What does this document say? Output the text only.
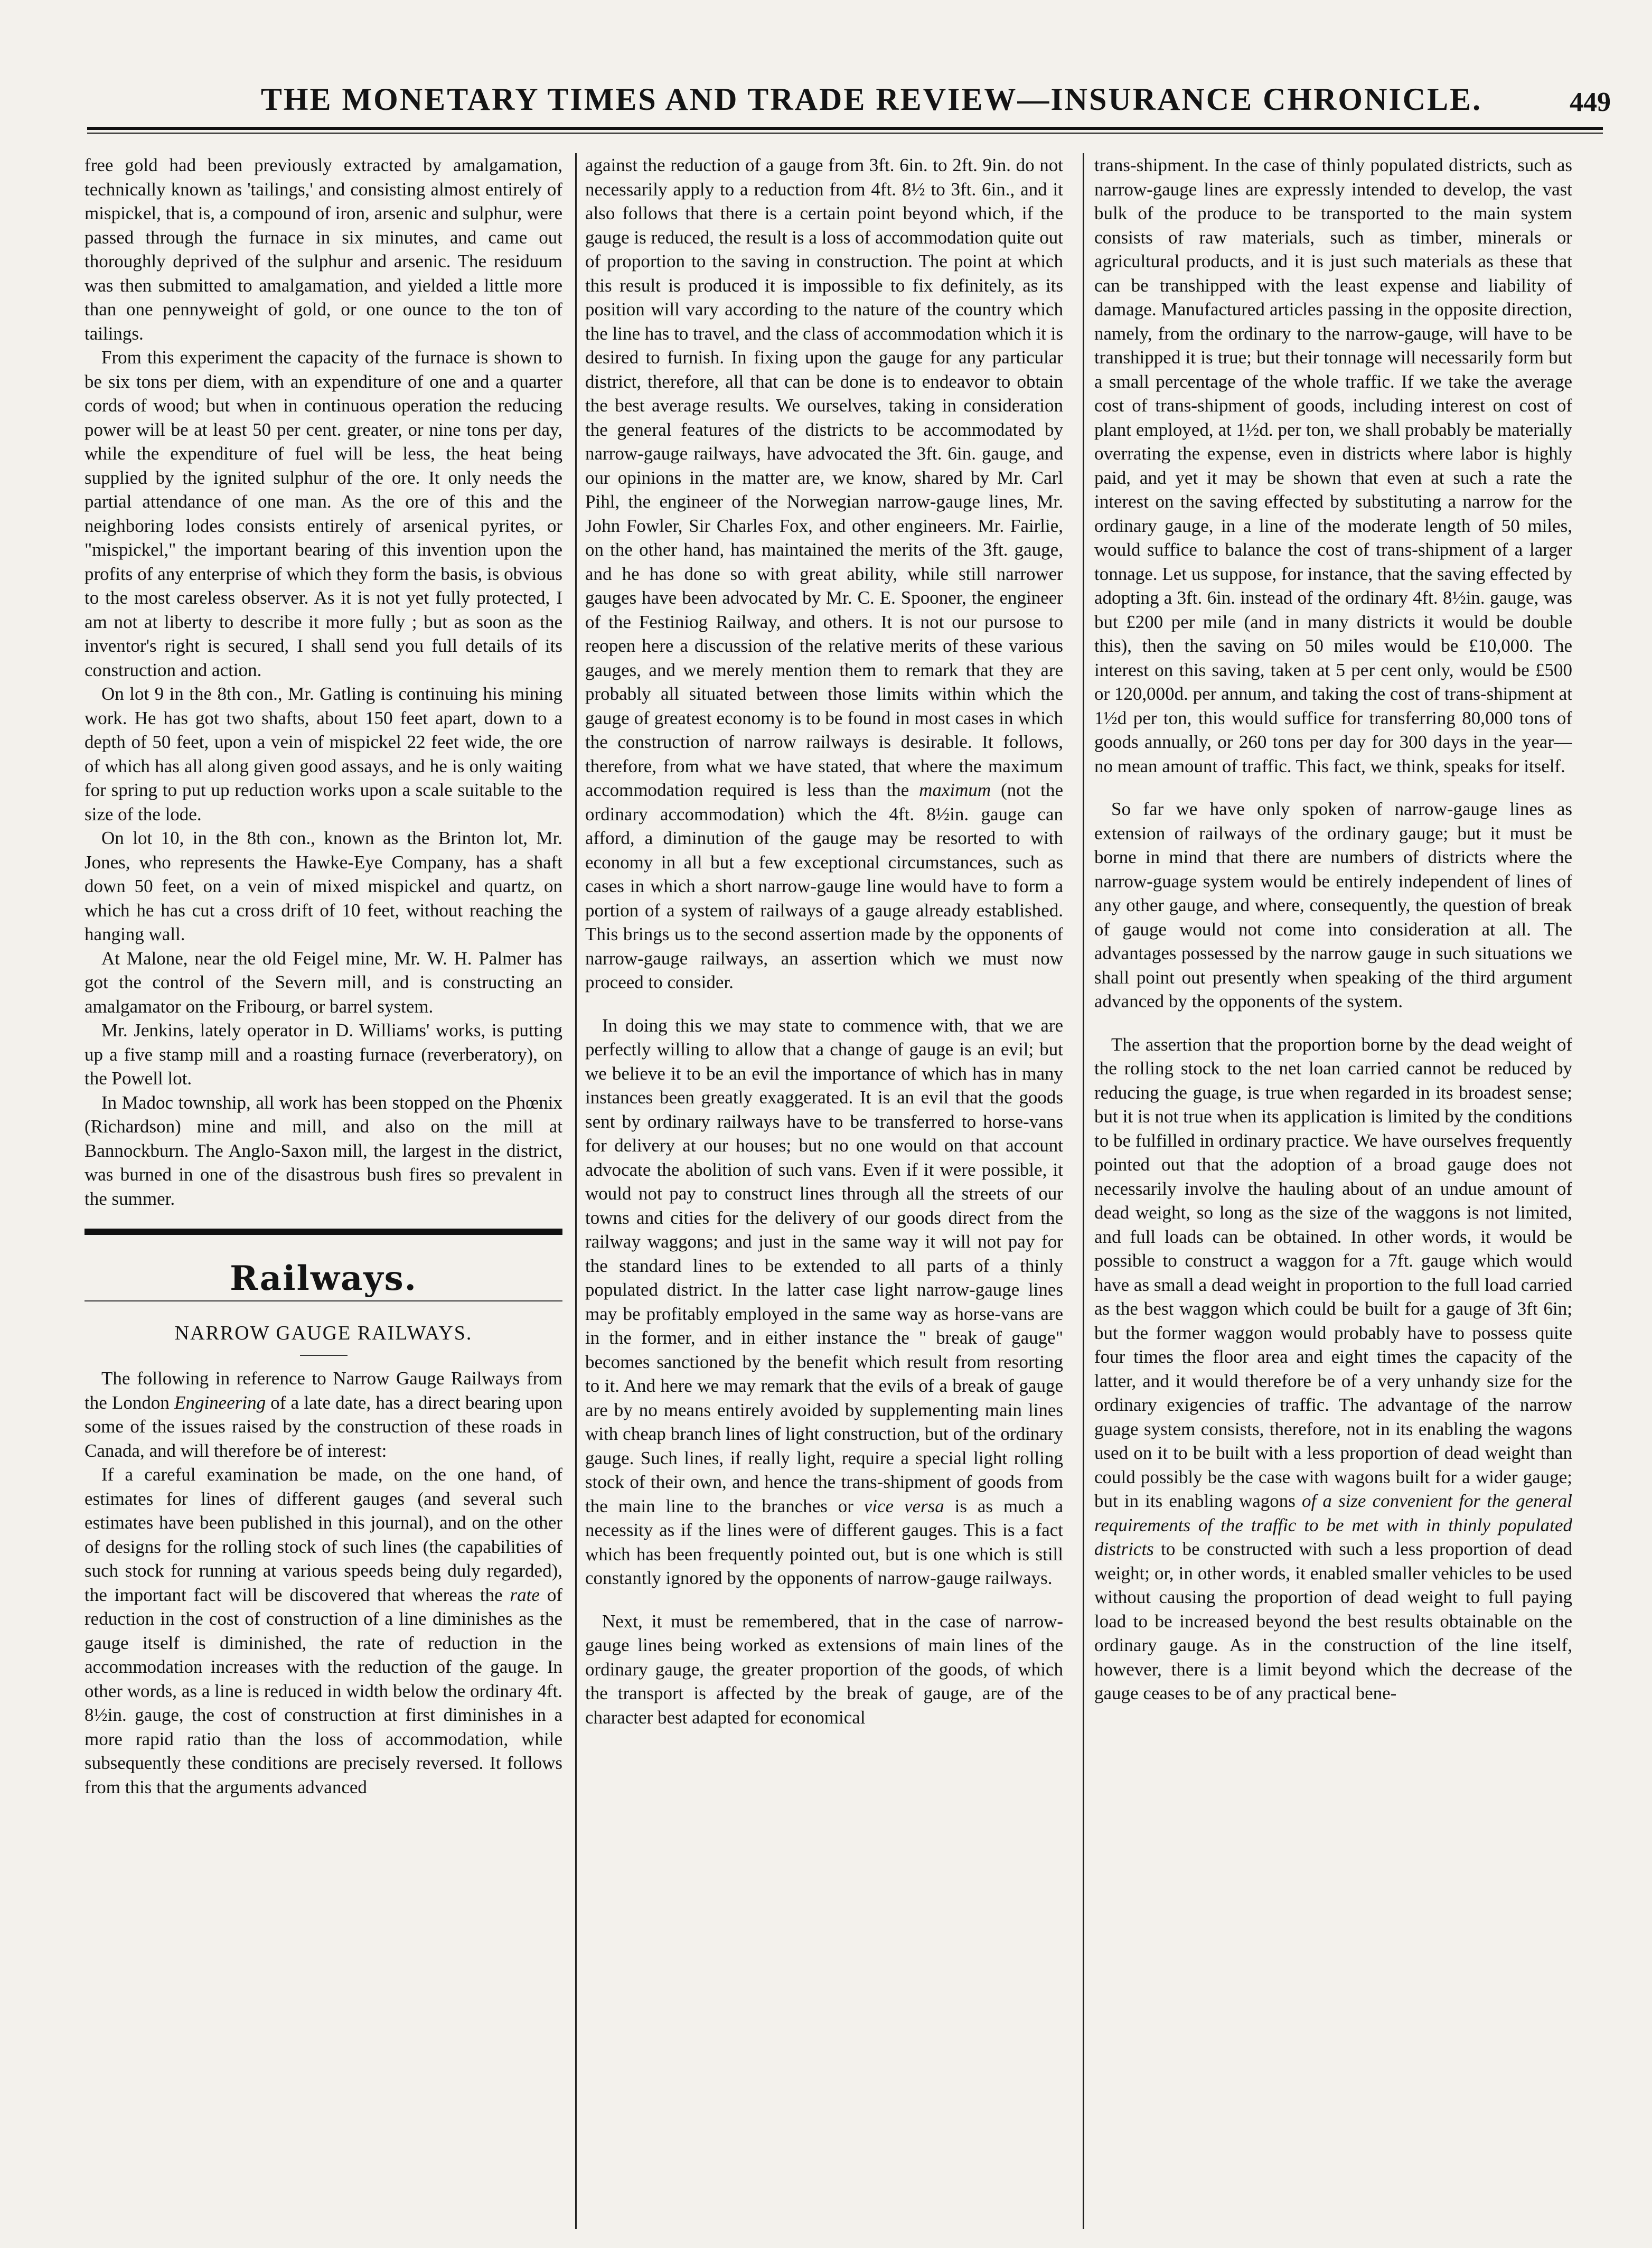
THE MONETARY TIMES AND TRADE REVIEW—INSURANCE CHRONICLE.	449

free gold had been previously extracted by amalgamation, technically known as 'tailings,' and consisting almost entirely of mispickel, that is, a compound of iron, arsenic and sulphur, were passed through the furnace in six minutes, and came out thoroughly deprived of the sulphur and arsenic. The residuum was then submitted to amalgamation, and yielded a little more than one pennyweight of gold, or one ounce to the ton of tailings.

From this experiment the capacity of the furnace is shown to be six tons per diem, with an expenditure of one and a quarter cords of wood; but when in continuous operation the reducing power will be at least 50 per cent. greater, or nine tons per day, while the expenditure of fuel will be less, the heat being supplied by the ignited sulphur of the ore. It only needs the partial attendance of one man. As the ore of this and the neighboring lodes consists entirely of arsenical pyrites, or "mispickel," the important bearing of this invention upon the profits of any enterprise of which they form the basis, is obvious to the most careless observer. As it is not yet fully protected, I am not at liberty to describe it more fully ; but as soon as the inventor's right is secured, I shall send you full details of its construction and action.

On lot 9 in the 8th con., Mr. Gatling is continuing his mining work. He has got two shafts, about 150 feet apart, down to a depth of 50 feet, upon a vein of mispickel 22 feet wide, the ore of which has all along given good assays, and he is only waiting for spring to put up reduction works upon a scale suitable to the size of the lode.

On lot 10, in the 8th con., known as the Brinton lot, Mr. Jones, who represents the Hawke-Eye Company, has a shaft down 50 feet, on a vein of mixed mispickel and quartz, on which he has cut a cross drift of 10 feet, without reaching the hanging wall.

At Malone, near the old Feigel mine, Mr. W. H. Palmer has got the control of the Severn mill, and is constructing an amalgamator on the Fribourg, or barrel system.

Mr. Jenkins, lately operator in D. Williams' works, is putting up a five stamp mill and a roasting furnace (reverberatory), on the Powell lot.

In Madoc township, all work has been stopped on the Phœnix (Richardson) mine and mill, and also on the mill at Bannockburn. The Anglo-Saxon mill, the largest in the district, was burned in one of the disastrous bush fires so prevalent in the summer.

Railways.
NARROW GAUGE RAILWAYS.

The following in reference to Narrow Gauge Railways from the London Engineering of a late date, has a direct bearing upon some of the issues raised by the construction of these roads in Canada, and will therefore be of interest:

If a careful examination be made, on the one hand, of estimates for lines of different gauges (and several such estimates have been published in this journal), and on the other of designs for the rolling stock of such lines (the capabilities of such stock for running at various speeds being duly regarded), the important fact will be discovered that whereas the rate of reduction in the cost of construction of a line diminishes as the gauge itself is diminished, the rate of reduction in the accommodation increases with the reduction of the gauge. In other words, as a line is reduced in width below the ordinary 4ft. 8½in. gauge, the cost of construction at first diminishes in a more rapid ratio than the loss of accommodation, while subsequently these conditions are precisely reversed. It follows from this that the arguments advanced

against the reduction of a gauge from 3ft. 6in. to 2ft. 9in. do not necessarily apply to a reduction from 4ft. 8½ to 3ft. 6in., and it also follows that there is a certain point beyond which, if the gauge is reduced, the result is a loss of accommodation quite out of proportion to the saving in construction. The point at which this result is produced it is impossible to fix definitely, as its position will vary according to the nature of the country which the line has to travel, and the class of accommodation which it is desired to furnish. In fixing upon the gauge for any particular district, therefore, all that can be done is to endeavor to obtain the best average results. We ourselves, taking in consideration the general features of the districts to be accommodated by narrow-gauge railways, have advocated the 3ft. 6in. gauge, and our opinions in the matter are, we know, shared by Mr. Carl Pihl, the engineer of the Norwegian narrow-gauge lines, Mr. John Fowler, Sir Charles Fox, and other engineers. Mr. Fairlie, on the other hand, has maintained the merits of the 3ft. gauge, and he has done so with great ability, while still narrower gauges have been advocated by Mr. C. E. Spooner, the engineer of the Festiniog Railway, and others. It is not our pursose to reopen here a discussion of the relative merits of these various gauges, and we merely mention them to remark that they are probably all situated between those limits within which the gauge of greatest economy is to be found in most cases in which the construction of narrow railways is desirable. It follows, therefore, from what we have stated, that where the maximum accommodation required is less than the maximum (not the ordinary accommodation) which the 4ft. 8½in. gauge can afford, a diminution of the gauge may be resorted to with economy in all but a few exceptional circumstances, such as cases in which a short narrow-gauge line would have to form a portion of a system of railways of a gauge already established. This brings us to the second assertion made by the opponents of narrow-gauge railways, an assertion which we must now proceed to consider.

In doing this we may state to commence with, that we are perfectly willing to allow that a change of gauge is an evil; but we believe it to be an evil the importance of which has in many instances been greatly exaggerated. It is an evil that the goods sent by ordinary railways have to be transferred to horse-vans for delivery at our houses; but no one would on that account advocate the abolition of such vans. Even if it were possible, it would not pay to construct lines through all the streets of our towns and cities for the delivery of our goods direct from the railway waggons; and just in the same way it will not pay for the standard lines to be extended to all parts of a thinly populated district. In the latter case light narrow-gauge lines may be profitably employed in the same way as horse-vans are in the former, and in either instance the " break of gauge" becomes sanctioned by the benefit which result from resorting to it. And here we may remark that the evils of a break of gauge are by no means entirely avoided by supplementing main lines with cheap branch lines of light construction, but of the ordinary gauge. Such lines, if really light, require a special light rolling stock of their own, and hence the trans-shipment of goods from the main line to the branches or vice versa is as much a necessity as if the lines were of different gauges. This is a fact which has been frequently pointed out, but is one which is still constantly ignored by the opponents of narrow-gauge railways.

Next, it must be remembered, that in the case of narrow-gauge lines being worked as extensions of main lines of the ordinary gauge, the greater proportion of the goods, of which the transport is affected by the break of gauge, are of the character best adapted for economical

trans-shipment. In the case of thinly populated districts, such as narrow-gauge lines are expressly intended to develop, the vast bulk of the produce to be transported to the main system consists of raw materials, such as timber, minerals or agricultural products, and it is just such materials as these that can be transhipped with the least expense and liability of damage. Manufactured articles passing in the opposite direction, namely, from the ordinary to the narrow-gauge, will have to be transhipped it is true; but their tonnage will necessarily form but a small percentage of the whole traffic. If we take the average cost of trans-shipment of goods, including interest on cost of plant employed, at 1½d. per ton, we shall probably be materially overrating the expense, even in districts where labor is highly paid, and yet it may be shown that even at such a rate the interest on the saving effected by substituting a narrow for the ordinary gauge, in a line of the moderate length of 50 miles, would suffice to balance the cost of trans-shipment of a larger tonnage. Let us suppose, for instance, that the saving effected by adopting a 3ft. 6in. instead of the ordinary 4ft. 8½in. gauge, was but £200 per mile (and in many districts it would be double this), then the saving on 50 miles would be £10,000. The interest on this saving, taken at 5 per cent only, would be £500 or 120,000d. per annum, and taking the cost of trans-shipment at 1½d per ton, this would suffice for transferring 80,000 tons of goods annually, or 260 tons per day for 300 days in the year—no mean amount of traffic. This fact, we think, speaks for itself.

So far we have only spoken of narrow-gauge lines as extension of railways of the ordinary gauge; but it must be borne in mind that there are numbers of districts where the narrow-guage system would be entirely independent of lines of any other gauge, and where, consequently, the question of break of gauge would not come into consideration at all. The advantages possessed by the narrow gauge in such situations we shall point out presently when speaking of the third argument advanced by the opponents of the system.

The assertion that the proportion borne by the dead weight of the rolling stock to the net loan carried cannot be reduced by reducing the guage, is true when regarded in its broadest sense; but it is not true when its application is limited by the conditions to be fulfilled in ordinary practice. We have ourselves frequently pointed out that the adoption of a broad gauge does not necessarily involve the hauling about of an undue amount of dead weight, so long as the size of the waggons is not limited, and full loads can be obtained. In other words, it would be possible to construct a waggon for a 7ft. gauge which would have as small a dead weight in proportion to the full load carried as the best waggon which could be built for a gauge of 3ft 6in; but the former waggon would probably have to possess quite four times the floor area and eight times the capacity of the latter, and it would therefore be of a very unhandy size for the ordinary exigencies of traffic. The advantage of the narrow guage system consists, therefore, not in its enabling the wagons used on it to be built with a less proportion of dead weight than could possibly be the case with wagons built for a wider gauge; but in its enabling wagons of a size convenient for the general requirements of the traffic to be met with in thinly populated districts to be constructed with such a less proportion of dead weight; or, in other words, it enabled smaller vehicles to be used without causing the proportion of dead weight to full paying load to be increased beyond the best results obtainable on the ordinary gauge. As in the construction of the line itself, however, there is a limit beyond which the decrease of the gauge ceases to be of any practical bene-
